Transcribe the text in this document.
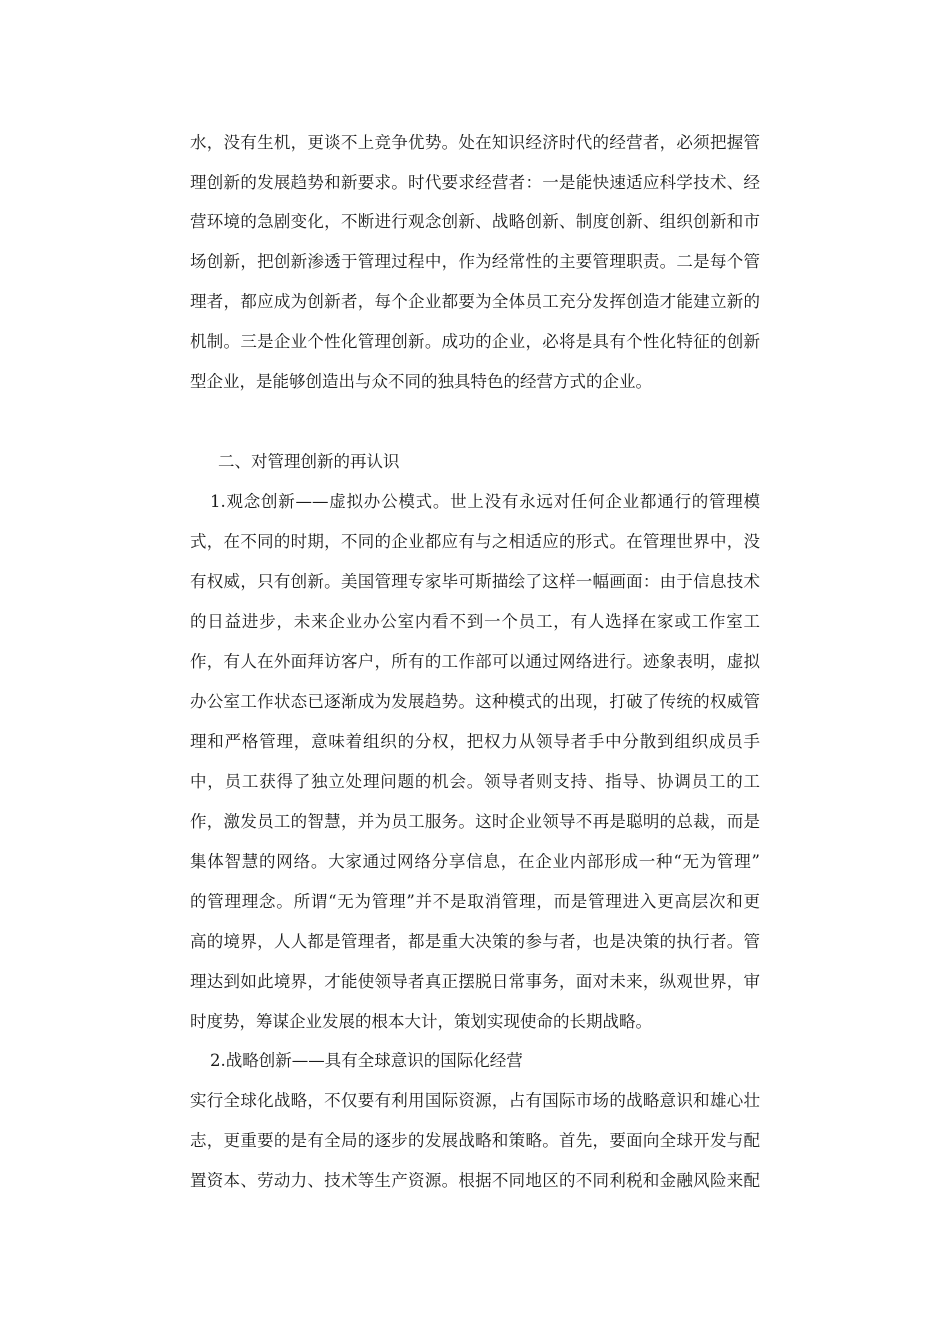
水，没有生机，更谈不上竞争优势。处在知识经济时代的经营者，必须把握管
理创新的发展趋势和新要求。时代要求经营者：一是能快速适应科学技术、经
营环境的急剧变化，不断进行观念创新、战略创新、制度创新、组织创新和市
场创新，把创新渗透于管理过程中，作为经常性的主要管理职责。二是每个管
理者，都应成为创新者，每个企业都要为全体员工充分发挥创造才能建立新的
机制。三是企业个性化管理创新。成功的企业，必将是具有个性化特征的创新
型企业，是能够创造出与众不同的独具特色的经营方式的企业。
二、对管理创新的再认识
1.观念创新——虚拟办公模式。世上没有永远对任何企业都通行的管理模
式，在不同的时期，不同的企业都应有与之相适应的形式。在管理世界中，没
有权威，只有创新。美国管理专家毕可斯描绘了这样一幅画面：由于信息技术
的日益进步，未来企业办公室内看不到一个员工，有人选择在家或工作室工
作，有人在外面拜访客户，所有的工作部可以通过网络进行。迹象表明，虚拟
办公室工作状态已逐渐成为发展趋势。这种模式的出现，打破了传统的权威管
理和严格管理，意味着组织的分权，把权力从领导者手中分散到组织成员手
中，员工获得了独立处理问题的机会。领导者则支持、指导、协调员工的工
作，激发员工的智慧，并为员工服务。这时企业领导不再是聪明的总裁，而是
集体智慧的网络。大家通过网络分享信息，在企业内部形成一种“无为管理”
的管理理念。所谓“无为管理”并不是取消管理，而是管理进入更高层次和更
高的境界，人人都是管理者，都是重大决策的参与者，也是决策的执行者。管
理达到如此境界，才能使领导者真正摆脱日常事务，面对未来，纵观世界，审
时度势，筹谋企业发展的根本大计，策划实现使命的长期战略。
2.战略创新——具有全球意识的国际化经营
实行全球化战略，不仅要有利用国际资源，占有国际市场的战略意识和雄心壮
志，更重要的是有全局的逐步的发展战略和策略。首先，要面向全球开发与配
置资本、劳动力、技术等生产资源。根据不同地区的不同利税和金融风险来配
